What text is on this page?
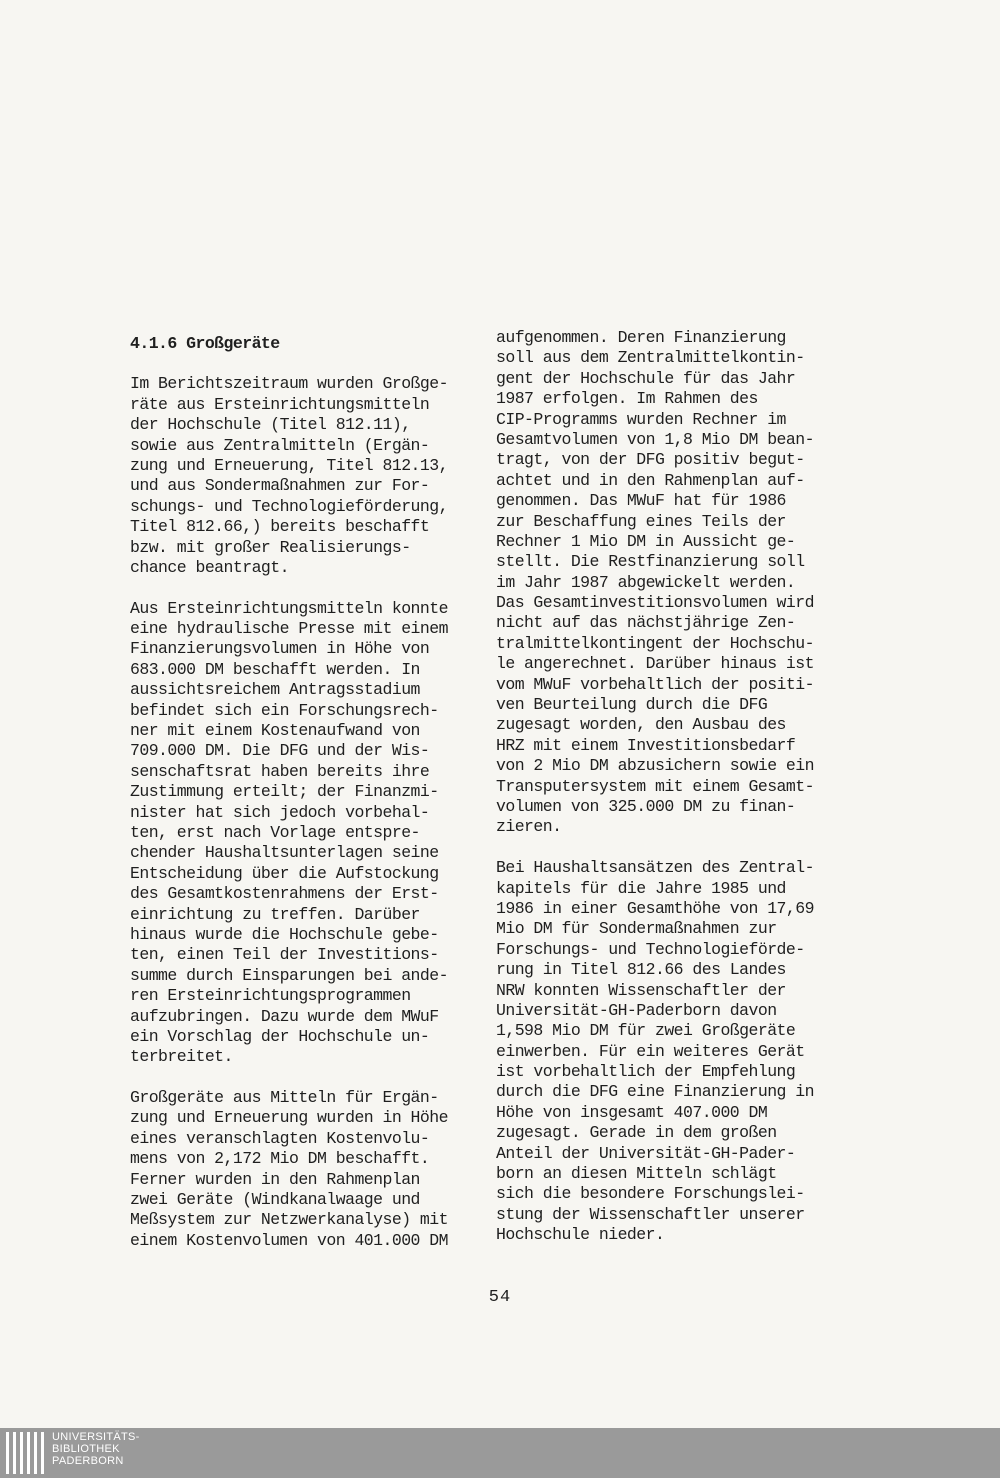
4.1.6 Großgeräte
Im Berichtszeitraum wurden Großge-
räte aus Ersteinrichtungsmitteln
der Hochschule (Titel 812.11),
sowie aus Zentralmitteln (Ergän-
zung und Erneuerung, Titel 812.13,
und aus Sondermaßnahmen zur For-
schungs- und Technologieförderung,
Titel 812.66,) bereits beschafft
bzw. mit großer Realisierungs-
chance beantragt.
Aus Ersteinrichtungsmitteln konnte
eine hydraulische Presse mit einem
Finanzierungsvolumen in Höhe von
683.000 DM beschafft werden. In
aussichtsreichem Antragsstadium
befindet sich ein Forschungsrech-
ner mit einem Kostenaufwand von
709.000 DM. Die DFG und der Wis-
senschaftsrat haben bereits ihre
Zustimmung erteilt; der Finanzmi-
nister hat sich jedoch vorbehal-
ten, erst nach Vorlage entspre-
chender Haushaltsunterlagen seine
Entscheidung über die Aufstockung
des Gesamtkostenrahmens der Erst-
einrichtung zu treffen. Darüber
hinaus wurde die Hochschule gebe-
ten, einen Teil der Investitions-
summe durch Einsparungen bei ande-
ren Ersteinrichtungsprogrammen
aufzubringen. Dazu wurde dem MWuF
ein Vorschlag der Hochschule un-
terbreitet.
Großgeräte aus Mitteln für Ergän-
zung und Erneuerung wurden in Höhe
eines veranschlagten Kostenvolu-
mens von 2,172 Mio DM beschafft.
Ferner wurden in den Rahmenplan
zwei Geräte (Windkanalwaage und
Meßsystem zur Netzwerkanalyse) mit
einem Kostenvolumen von 401.000 DM
aufgenommen. Deren Finanzierung
soll aus dem Zentralmittelkontin-
gent der Hochschule für das Jahr
1987 erfolgen. Im Rahmen des
CIP-Programms wurden Rechner im
Gesamtvolumen von 1,8 Mio DM bean-
tragt, von der DFG positiv begut-
achtet und in den Rahmenplan auf-
genommen. Das MWuF hat für 1986
zur Beschaffung eines Teils der
Rechner 1 Mio DM in Aussicht ge-
stellt. Die Restfinanzierung soll
im Jahr 1987 abgewickelt werden.
Das Gesamtinvestitionsvolumen wird
nicht auf das nächstjährige Zen-
tralmittelkontingent der Hochschu-
le angerechnet. Darüber hinaus ist
vom MWuF vorbehaltlich der positi-
ven Beurteilung durch die DFG
zugesagt worden, den Ausbau des
HRZ mit einem Investitionsbedarf
von 2 Mio DM abzusichern sowie ein
Transputersystem mit einem Gesamt-
volumen von 325.000 DM zu finan-
zieren.
Bei Haushaltsansätzen des Zentral-
kapitels für die Jahre 1985 und
1986 in einer Gesamthöhe von 17,69
Mio DM für Sondermaßnahmen zur
Forschungs- und Technologieförde-
rung in Titel 812.66 des Landes
NRW konnten Wissenschaftler der
Universität-GH-Paderborn davon
1,598 Mio DM für zwei Großgeräte
einwerben. Für ein weiteres Gerät
ist vorbehaltlich der Empfehlung
durch die DFG eine Finanzierung in
Höhe von insgesamt 407.000 DM
zugesagt. Gerade in dem großen
Anteil der Universität-GH-Pader-
born an diesen Mitteln schlägt
sich die besondere Forschungslei-
stung der Wissenschaftler unserer
Hochschule nieder.
54
UNIVERSITÄTS-
BIBLIOTHEK
PADERBORN
